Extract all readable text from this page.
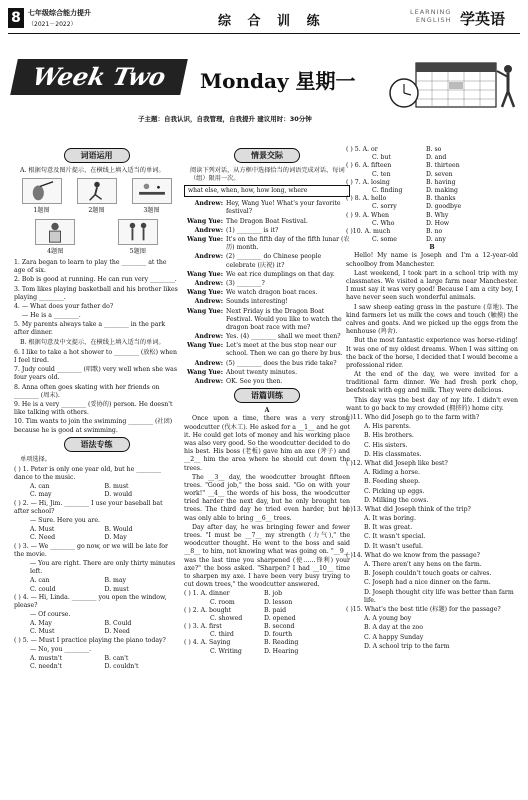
8	七年级综合能力提升
（2021－2022）	综 合 训 练
LEARNING
ENGLISH 学英语
Week Two	Monday 星期一
子主题：自我认识，自我管理，自我提升 建议用时：30分钟
词语运用
A. 根据句意及图片提示，在横线上填入适当的单词。
1题图	2题图	3题图
4题图	5题图
1. Zara began to learn to play the ________ at the age of six.
2. Bob is good at running. He can run very ________.
3. Tom likes playing basketball and his brother likes playing ________.
4. — What does your father do?
— He is a ________.
5. My parents always take a ________ in the park after dinner.
B. 根据句意及中文提示，在横线上填入适当的单词。
6. I like to take a hot shower to ________ (放松) when I feel tired.
7. Judy could ________ (唱歌) very well when she was four years old.
8. Anna often goes skating with her friends on ________ (周末).
9. He is a very ________ (妥协的) person. He doesn't like talking with others.
10. Tim wants to join the swimming ________ (社团) because he is good at swimming.
语法专练
单项选择。
( ) 1. Peter is only one year old, but he ________ dance to the music.
A. can	B. must
C. may	D. would
( ) 2. — Hi, Jim. ________ I use your baseball bat after school?
— Sure. Here you are.
A. Must	B. Would
C. Need	D. May
( ) 3. — We ________ go now, or we will be late for the movie.
— You are right. There are only thirty minutes left.
A. can	B. may
C. could	D. must
( ) 4. — Hi, Linda. ________ you open the window, please?
— Of course.
A. May	B. Could
C. Must	D. Need
( ) 5. — Must I practice playing the piano today?
— No, you ________.
A. mustn't	B. can't
C. needn't	D. couldn't
情景交际
阅读下列对话，从方框中选择恰当的词语完成对话，每词（组）限用一次。
what else, when, how, how long, where
Andrew: Hey, Wang Yue! What's your favorite festival?
Wang Yue: The Dragon Boat Festival.
Andrew: (1) ________ is it?
Wang Yue: It's on the fifth day of the fifth lunar (农历) month.
Andrew: (2) ________ do Chinese people celebrate (庆祝) it?
Wang Yue: We eat rice dumplings on that day.
Andrew: (3) ________?
Wang Yue: We watch dragon boat races.
Andrew: Sounds interesting!
Wang Yue: Next Friday is the Dragon Boat Festival. Would you like to watch the dragon boat race with me?
Andrew: Yes. (4) ________ shall we meet then?
Wang Yue: Let's meet at the bus stop near our school. Then we can go there by bus.
Andrew: (5) ________ does the bus ride take?
Wang Yue: About twenty minutes.
Andrew: OK. See you then.
语篇训练
A
Once upon a time, there was a very strong woodcutter (伐木工). He asked for a __1__ and he got it. He could get lots of money and his working place was also very good. So the woodcutter decided to do his best. His boss (老板) gave him an axe (斧子) and __2__ him the area where he should cut down the trees.
The __3__ day, the woodcutter brought fifteen trees. "Good job," the boss said. "Go on with your work!" __4__ the words of his boss, the woodcutter tried harder the next day, but he only brought ten trees. The third day he tried even harder, but he was only able to bring __6__ trees.
Day after day, he was bringing fewer and fewer trees. "I must be __7__ my strength (力气)," the woodcutter thought. He went to the boss and said __8__ to him, not knowing what was going on. "__9__ was the last time you sharpened (使……锋利) your axe?" the boss asked. "Sharpen? I had __10__ time to sharpen my axe. I have been very busy trying to cut down trees," the woodcutter answered.
( ) 1. A. dinner	B. job
C. room	D. lesson
( ) 2. A. bought	B. paid
C. showed	D. opened
( ) 3. A. first	B. second
C. third	D. fourth
( ) 4. A. Saying	B. Reading
C. Writing	D. Hearing
( ) 5. A. or	B. so
C. but	D. and
( ) 6. A. fifteen	B. thirteen
C. ten	D. seven
( ) 7. A. losing	B. having
C. finding	D. making
( ) 8. A. hello	B. thanks
C. sorry	D. goodbye
( ) 9. A. When	B. Why
C. Who	D. How
( )10. A. much	B. no
C. some	D. any
B
Hello! My name is Joseph and I'm a 12-year-old schoolboy from Manchester.
Last weekend, I took part in a school trip with my classmates. We visited a large farm near Manchester. I must say it was very good! Because I am a city boy, I have never seen such wonderful animals.
I saw sheep eating grass in the pasture (草地). The kind farmers let us milk the cows and touch (触摸) the calves and goats. And we picked up the eggs from the henhouse (鸡舍).
But the most fantastic experience was horse-riding! It was one of my oldest dreams. When I was sitting on the back of the horse, I decided that I would become a professional rider.
At the end of the day, we were invited for a traditional farm dinner. We had fresh pork chop, beefsteak with egg and milk. They were delicious.
This day was the best day of my life. I didn't even want to go back to my crowded (拥挤的) home city.
( )11. Who did Joseph go to the farm with?
A. His parents.
B. His brothers.
C. His sisters.
D. His classmates.
( )12. What did Joseph like best?
A. Riding a horse.
B. Feeding sheep.
C. Picking up eggs.
D. Milking the cows.
( )13. What did Joseph think of the trip?
A. It was boring.
B. It was great.
C. It wasn't special.
D. It wasn't useful.
( )14. What do we know from the passage?
A. There aren't any hens on the farm.
B. Joseph couldn't touch goats or calves.
C. Joseph had a nice dinner on the farm.
D. Joseph thought city life was better than farm life.
( )15. What's the best title (标题) for the passage?
A. A young boy
B. A day at the zoo
C. A happy Sunday
D. A school trip to the farm
